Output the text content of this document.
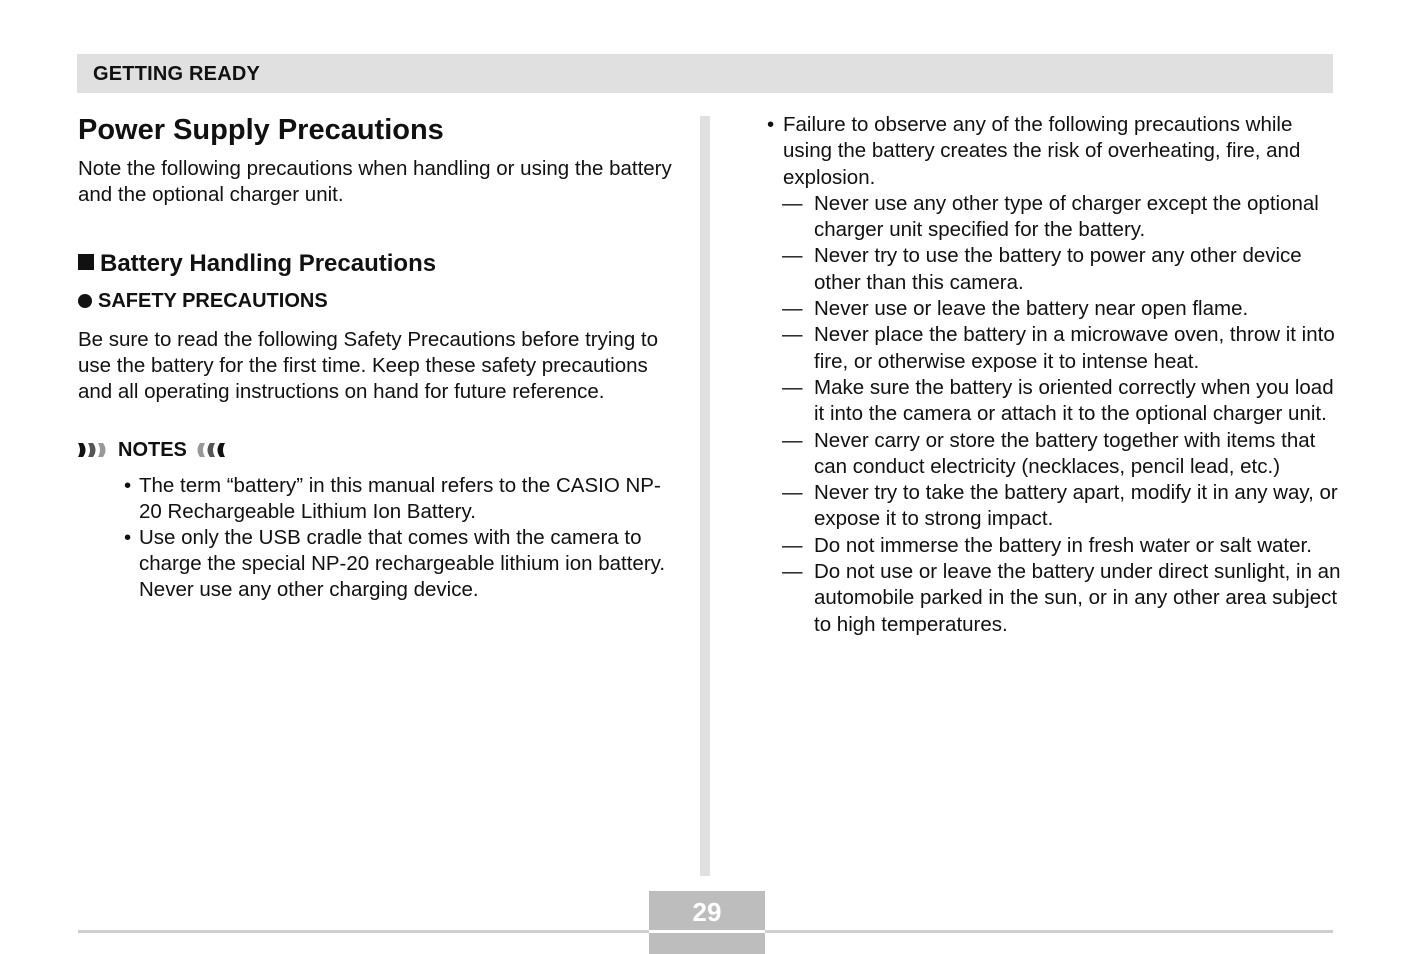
GETTING READY
Power Supply Precautions

Note the following precautions when handling or using the battery and the optional charger unit.

Battery Handling Precautions
SAFETY PRECAUTIONS

Be sure to read the following Safety Precautions before trying to use the battery for the first time. Keep these safety precautions and all operating instructions on hand for future reference.

NOTES
• The term “battery” in this manual refers to the CASIO NP-20 Rechargeable Lithium Ion Battery.
• Use only the USB cradle that comes with the camera to charge the special NP-20 rechargeable lithium ion battery. Never use any other charging device.
• Failure to observe any of the following precautions while using the battery creates the risk of overheating, fire, and explosion.
— Never use any other type of charger except the optional charger unit specified for the battery.
— Never try to use the battery to power any other device other than this camera.
— Never use or leave the battery near open flame.
— Never place the battery in a microwave oven, throw it into fire, or otherwise expose it to intense heat.
— Make sure the battery is oriented correctly when you load it into the camera or attach it to the optional charger unit.
— Never carry or store the battery together with items that can conduct electricity (necklaces, pencil lead, etc.)
— Never try to take the battery apart, modify it in any way, or expose it to strong impact.
— Do not immerse the battery in fresh water or salt water.
— Do not use or leave the battery under direct sunlight, in an automobile parked in the sun, or in any other area subject to high temperatures.
29
